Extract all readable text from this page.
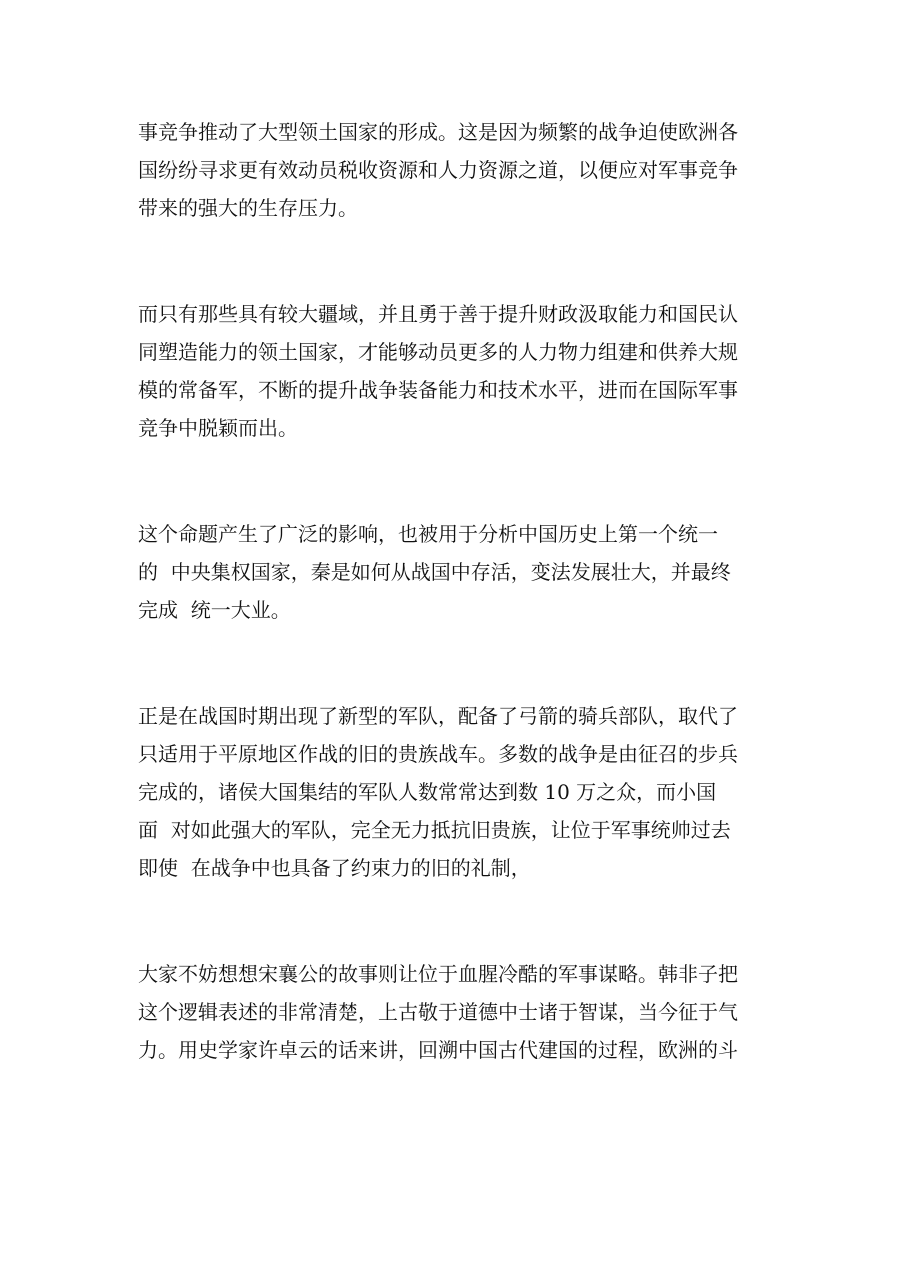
事竞争推动了大型领土国家的形成。这是因为频繁的战争迫使欧洲各
国纷纷寻求更有效动员税收资源和人力资源之道，以便应对军事竞争
带来的强大的生存压力。
而只有那些具有较大疆域，并且勇于善于提升财政汲取能力和国民认
同塑造能力的领土国家，才能够动员更多的人力物力组建和供养大规
模的常备军，不断的提升战争装备能力和技术水平，进而在国际军事
竞争中脱颖而出。
这个命题产生了广泛的影响，也被用于分析中国历史上第一个统一
的  中央集权国家，秦是如何从战国中存活，变法发展壮大，并最终
完成  统一大业。
正是在战国时期出现了新型的军队，配备了弓箭的骑兵部队，取代了
只适用于平原地区作战的旧的贵族战车。多数的战争是由征召的步兵
完成的，诸侯大国集结的军队人数常常达到数 10 万之众，而小国
面  对如此强大的军队，完全无力抵抗旧贵族，让位于军事统帅过去
即使  在战争中也具备了约束力的旧的礼制，
大家不妨想想宋襄公的故事则让位于血腥冷酷的军事谋略。韩非子把
这个逻辑表述的非常清楚，上古敬于道德中士诸于智谋，当今征于气
力。用史学家许卓云的话来讲，回溯中国古代建国的过程，欧洲的斗
